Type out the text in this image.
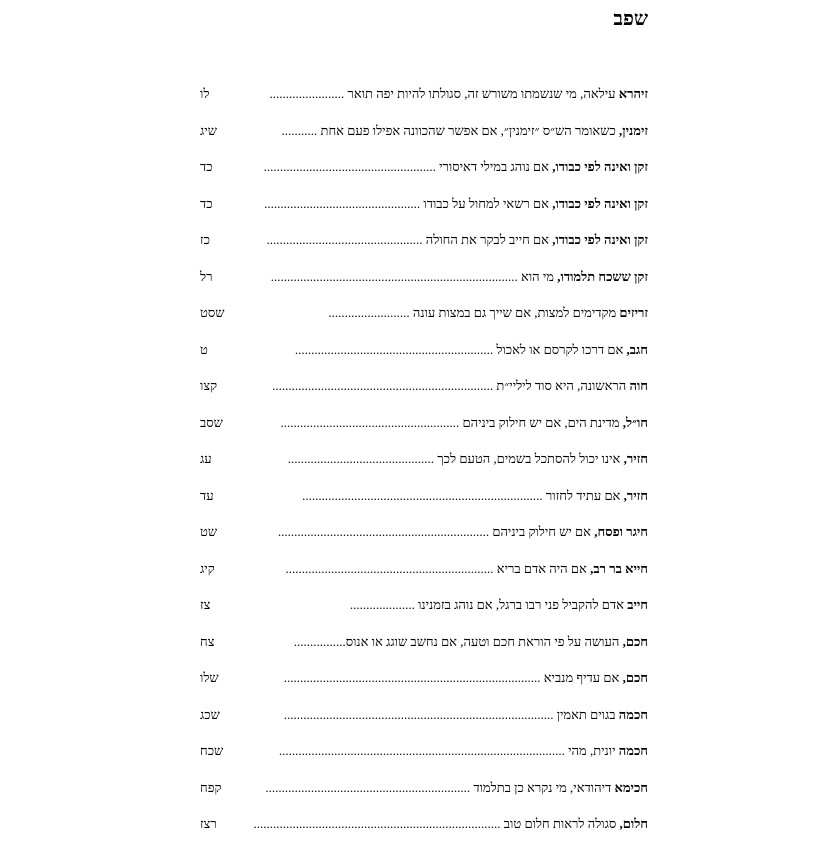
שפב
לו	זיהרא עילאה, מי שנשמתו משורש זה, סגולתו להיות יפה תואר .......................
שיג	זימנין, כשאומר הש״ס ״זימנין״, אם אפשר שהכוונה אפילו פעם אחת ...........
כד	זקן ואינה לפי כבודו, אם נוהג במילי דאיסורי .....................................................
כד	זקן ואינה לפי כבודו, אם רשאי למחול על כבודו ................................................
כז	זקן ואינה לפי כבודו, אם חייב לבקר את החולה ................................................
רל	זקן ששכח תלמודו, מי הוא ............................................................................
שסט	זריזים מקדימים למצות, אם שייך גם במצות עונה .........................
ט	חגב, אם דרכו לקרסם או לאכול .............................................................
קצו	חוה הראשונה, היא סוד ליליי״ת ....................................................................
שסב	חו״ל, מדינת הים, אם יש חילוק ביניהם .......................................................
עג	חזיר, אינו יכול להסתכל בשמים, הטעם לכך .............................................
עד	חזיר, אם עתיד לחזור ..........................................................................
שט	חיגר ופסח, אם יש חילוק ביניהם .................................................................
קיג	חייא בר רב, אם היה אדם בריא ................................................................
צז	חייב אדם להקביל פני רבו ברגל, אם נוהג בזמנינו ....................
צח	חכם, העושה על פי הוראת חכם וטעה, אם נחשב שוגג או אנוס................
שלו	חכם, אם עדיף מנביא ...............................................................................
שכג	חכמה בגוים תאמין ...................................................................................
שכח	חכמה יונית, מהי ........................................................................................
קפח	חכימא דיהודאי, מי נקרא כן בתלמוד ...............................................................
רצז	חלום, סגולה לראות חלום טוב ............................................................................
